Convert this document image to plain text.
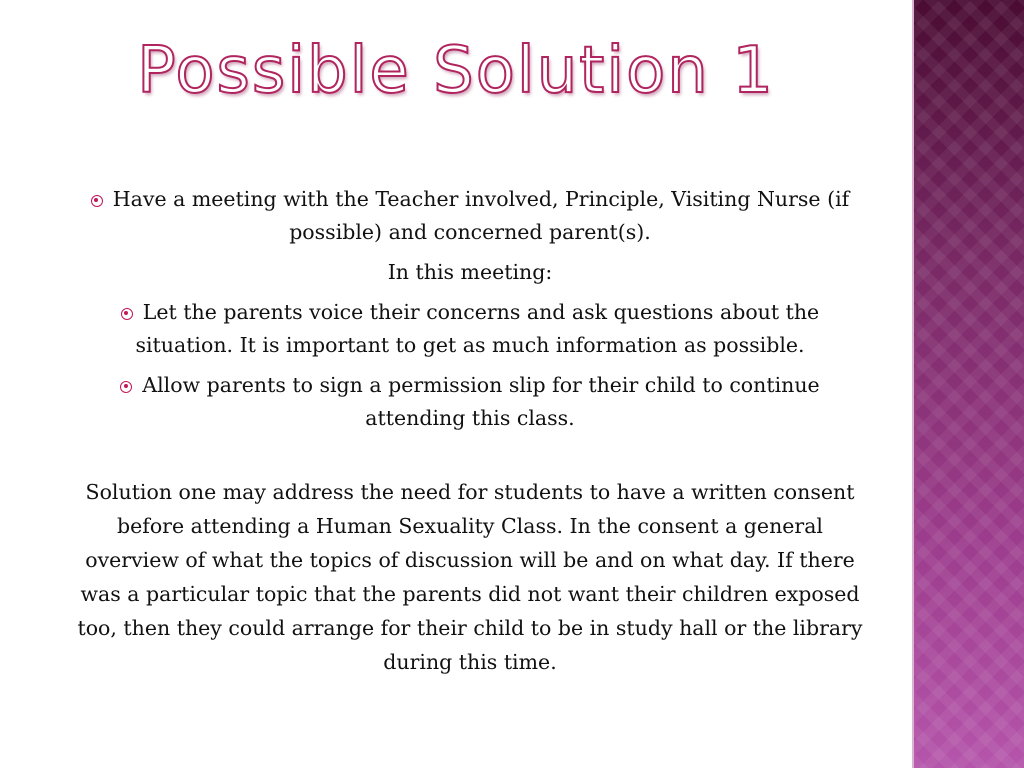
Possible Solution 1
Have a meeting with the Teacher involved, Principle, Visiting Nurse (if possible) and concerned parent(s).
In this meeting:
Let the parents voice their concerns and ask questions about the situation. It is important to get as much information as possible.
Allow parents to sign a permission slip for their child to continue attending this class.

Solution one may address the need for students to have a written consent before attending a Human Sexuality Class. In the consent a general overview of what the topics of discussion will be and on what day. If there was a particular topic that the parents did not want their children exposed too, then they could arrange for their child to be in study hall or the library during this time.
